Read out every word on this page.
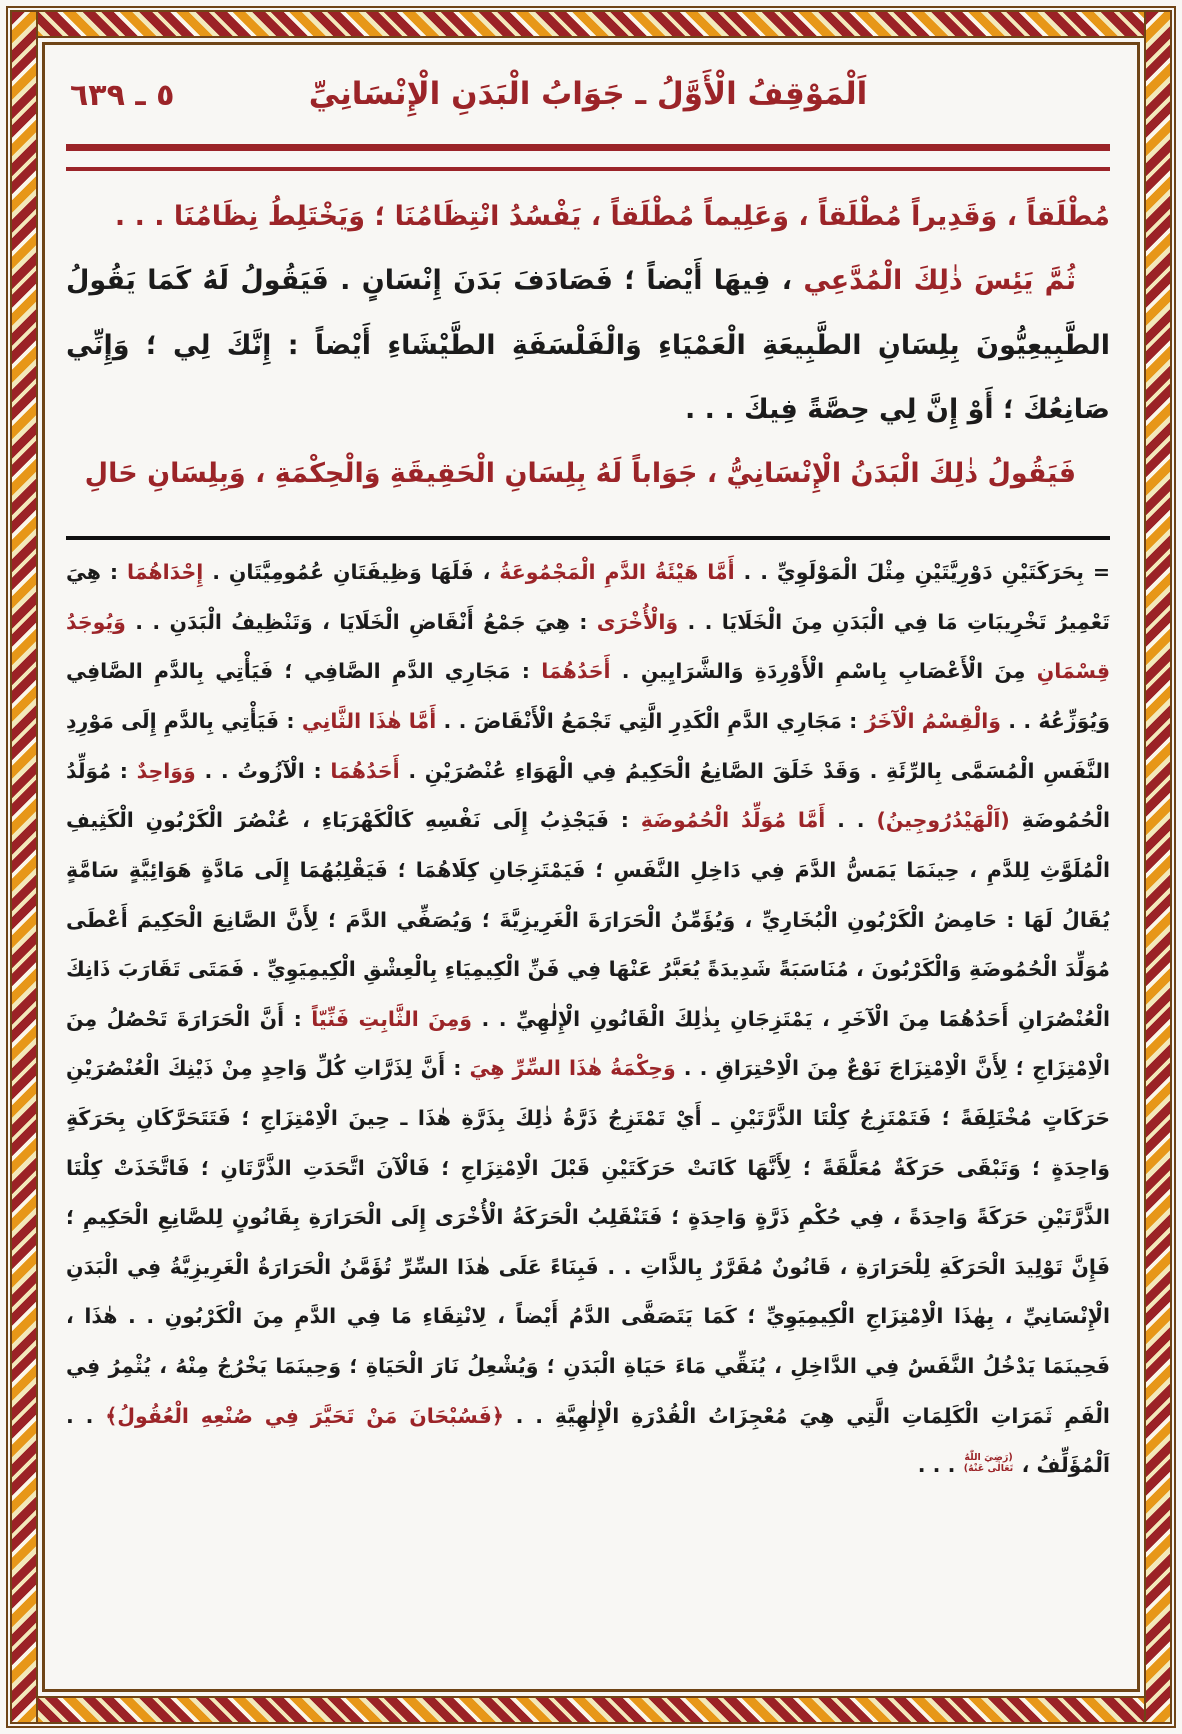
٥ ـ ٦٣٩	اَلْمَوْقِفُ الْأَوَّلُ ـ جَوَابُ الْبَدَنِ الْإِنْسَانِيِّ

مُطْلَقاً ، وَقَدِيراً مُطْلَقاً ، وَعَلِيماً مُطْلَقاً ، يَفْسُدُ انْتِظَامُنَا ؛ وَيَخْتَلِطُ نِظَامُنَا . . .

ثُمَّ يَئِسَ ذٰلِكَ الْمُدَّعِي ، فِيهَا أَيْضاً ؛ فَصَادَفَ بَدَنَ إِنْسَانٍ . فَيَقُولُ لَهُ كَمَا يَقُولُ الطَّبِيعِيُّونَ بِلِسَانِ الطَّبِيعَةِ الْعَمْيَاءِ وَالْفَلْسَفَةِ الطَّيْشَاءِ أَيْضاً : إِنَّكَ لِي ؛ وَإِنِّي صَانِعُكَ ؛ أَوْ إِنَّ لِي حِصَّةً فِيكَ . . .

فَيَقُولُ ذٰلِكَ الْبَدَنُ الْإِنْسَانِيُّ ، جَوَاباً لَهُ بِلِسَانِ الْحَقِيقَةِ وَالْحِكْمَةِ ، وَبِلِسَانِ حَالِ

= بِحَرَكَتَيْنِ دَوْرِيَّتَيْنِ مِثْلَ الْمَوْلَوِيِّ . . أَمَّا هَيْئَةُ الدَّمِ الْمَجْمُوعَةُ ، فَلَهَا وَظِيفَتَانِ عُمُومِيَّتَانِ . إِحْدَاهُمَا : هِيَ تَعْمِيرُ تَخْرِيبَاتِ مَا فِي الْبَدَنِ مِنَ الْخَلَايَا . . وَالْأُخْرَى : هِيَ جَمْعُ أَنْقَاضِ الْخَلَايَا ، وَتَنْظِيفُ الْبَدَنِ . . وَيُوجَدُ قِسْمَانِ مِنَ الْأَعْصَابِ بِاسْمِ الْأَوْرِدَةِ وَالشَّرَايِينِ . أَحَدُهُمَا : مَجَارِي الدَّمِ الصَّافِي ؛ فَيَأْتِي بِالدَّمِ الصَّافِي وَيُوَزِّعُهُ . . وَالْقِسْمُ الْآخَرُ : مَجَارِي الدَّمِ الْكَدِرِ الَّتِي تَجْمَعُ الْأَنْقَاضَ . . أَمَّا هٰذَا الثَّانِي : فَيَأْتِي بِالدَّمِ إِلَى مَوْرِدِ النَّفَسِ الْمُسَمَّى بِالرِّئَةِ . وَقَدْ خَلَقَ الصَّانِعُ الْحَكِيمُ فِي الْهَوَاءِ عُنْصُرَيْنِ . أَحَدُهُمَا : الْآزُوتُ . . وَوَاحِدٌ : مُوَلِّدُ الْحُمُوضَةِ (اَلْهَيْدُرُوجِينُ) . . أَمَّا مُوَلِّدُ الْحُمُوضَةِ : فَيَجْذِبُ إِلَى نَفْسِهِ كَالْكَهْرَبَاءِ ، عُنْصُرَ الْكَرْبُونِ الْكَثِيفِ الْمُلَوَّثِ لِلدَّمِ ، حِينَمَا يَمَسُّ الدَّمَ فِي دَاخِلِ النَّفَسِ ؛ فَيَمْتَزِجَانِ كِلَاهُمَا ؛ فَيَقْلِبُهُمَا إِلَى مَادَّةٍ هَوَائِيَّةٍ سَامَّةٍ يُقَالُ لَهَا : حَامِضُ الْكَرْبُونِ الْبُخَارِيِّ ، وَيُؤَمِّنُ الْحَرَارَةَ الْغَرِيزِيَّةَ ؛ وَيُصَفِّي الدَّمَ ؛ لِأَنَّ الصَّانِعَ الْحَكِيمَ أَعْطَى مُوَلِّدَ الْحُمُوضَةِ وَالْكَرْبُونَ ، مُنَاسَبَةً شَدِيدَةً يُعَبَّرُ عَنْهَا فِي فَنِّ الْكِيمِيَاءِ بِالْعِشْقِ الْكِيمِيَوِيِّ . فَمَتَى تَقَارَبَ ذَانِكَ الْعُنْصُرَانِ أَحَدُهُمَا مِنَ الْآخَرِ ، يَمْتَزِجَانِ بِذٰلِكَ الْقَانُونِ الْإِلٰهِيِّ . . وَمِنَ الثَّابِتِ فَنِّيّاً : أَنَّ الْحَرَارَةَ تَحْصُلُ مِنَ الْاِمْتِزَاجِ ؛ لِأَنَّ الْاِمْتِزَاجَ نَوْعٌ مِنَ الْاِحْتِرَاقِ . . وَحِكْمَةُ هٰذَا السِّرِّ هِيَ : أَنَّ لِذَرَّاتِ كُلِّ وَاحِدٍ مِنْ ذَيْنِكَ الْعُنْصُرَيْنِ حَرَكَاتٍ مُخْتَلِفَةً ؛ فَتَمْتَزِجُ كِلْتَا الذَّرَّتَيْنِ ـ أَيْ تَمْتَزِجُ ذَرَّةُ ذٰلِكَ بِذَرَّةِ هٰذَا ـ حِينَ الْاِمْتِزَاجِ ؛ فَتَتَحَرَّكَانِ بِحَرَكَةٍ وَاحِدَةٍ ؛ وَتَبْقَى حَرَكَةٌ مُعَلَّقَةً ؛ لِأَنَّهَا كَانَتْ حَرَكَتَيْنِ قَبْلَ الْاِمْتِزَاجِ ؛ فَالْآنَ اتَّحَدَتِ الذَّرَّتَانِ ؛ فَاتَّخَذَتْ كِلْتَا الذَّرَّتَيْنِ حَرَكَةً وَاحِدَةً ، فِي حُكْمِ ذَرَّةٍ وَاحِدَةٍ ؛ فَتَنْقَلِبُ الْحَرَكَةُ الْأُخْرَى إِلَى الْحَرَارَةِ بِقَانُونٍ لِلصَّانِعِ الْحَكِيمِ ؛ فَإِنَّ تَوْلِيدَ الْحَرَكَةِ لِلْحَرَارَةِ ، قَانُونٌ مُقَرَّرٌ بِالذَّاتِ . . فَبِنَاءً عَلَى هٰذَا السِّرِّ تُؤَمَّنُ الْحَرَارَةُ الْغَرِيزِيَّةُ فِي الْبَدَنِ الْإِنْسَانِيِّ ، بِهٰذَا الْاِمْتِزَاجِ الْكِيمِيَوِيِّ ؛ كَمَا يَتَصَفَّى الدَّمُ أَيْضاً ، لِانْتِقَاءِ مَا فِي الدَّمِ مِنَ الْكَرْبُونِ . . هٰذَا ، فَحِينَمَا يَدْخُلُ النَّفَسُ فِي الدَّاخِلِ ، يُنَقِّي مَاءَ حَيَاةِ الْبَدَنِ ؛ وَيُشْعِلُ نَارَ الْحَيَاةِ ؛ وَحِينَمَا يَخْرُجُ مِنْهُ ، يُثْمِرُ فِي الْفَمِ ثَمَرَاتِ الْكَلِمَاتِ الَّتِي هِيَ مُعْجِزَاتُ الْقُدْرَةِ الْإِلٰهِيَّةِ . . ﴿فَسُبْحَانَ مَنْ تَحَيَّرَ فِي صُنْعِهِ الْعُقُولُ﴾ . . اَلْمُؤَلِّفُ ، (رَضِيَ اللّٰهُ تَعَالٰى عَنْهُ) . . .
